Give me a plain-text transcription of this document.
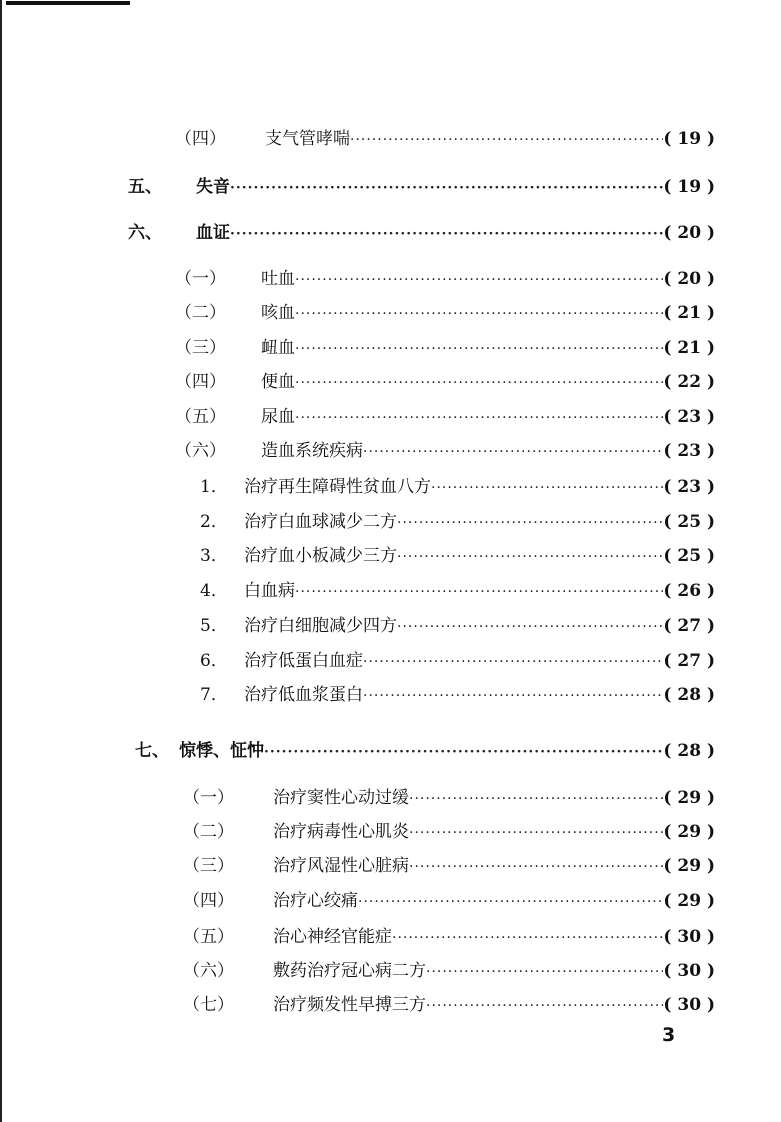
（四）	支气管哮喘 ·····	( 19 )
五、	失音 ·····	( 19 )
六、	血证 ·····	( 20 )
（一）	吐血 ·····	( 20 )
（二）	咳血 ·····	( 21 )
（三）	衄血 ·····	( 21 )
（四）	便血 ·····	( 22 )
（五）	尿血 ·····	( 23 )
（六）	造血系统疾病 ·····	( 23 )
1． 治疗再生障碍性贫血八方 ·····	( 23 )
2． 治疗白血球减少二方 ·····	( 25 )
3． 治疗血小板减少三方 ·····	( 25 )
4． 白血病 ·····	( 26 )
5． 治疗白细胞减少四方 ·····	( 27 )
6． 治疗低蛋白血症 ·····	( 27 )
7． 治疗低血浆蛋白 ·····	( 28 )
七、 惊悸、怔忡 ·····	( 28 )
（一）	治疗窦性心动过缓 ·····	( 29 )
（二）	治疗病毒性心肌炎 ·····	( 29 )
（三）	治疗风湿性心脏病 ·····	( 29 )
（四）	治疗心绞痛 ·····	( 29 )
（五）	治心神经官能症 ·····	( 30 )
（六）	敷药治疗冠心病二方 ·····	( 30 )
（七）	治疗频发性早搏三方 ·····	( 30 )
3
